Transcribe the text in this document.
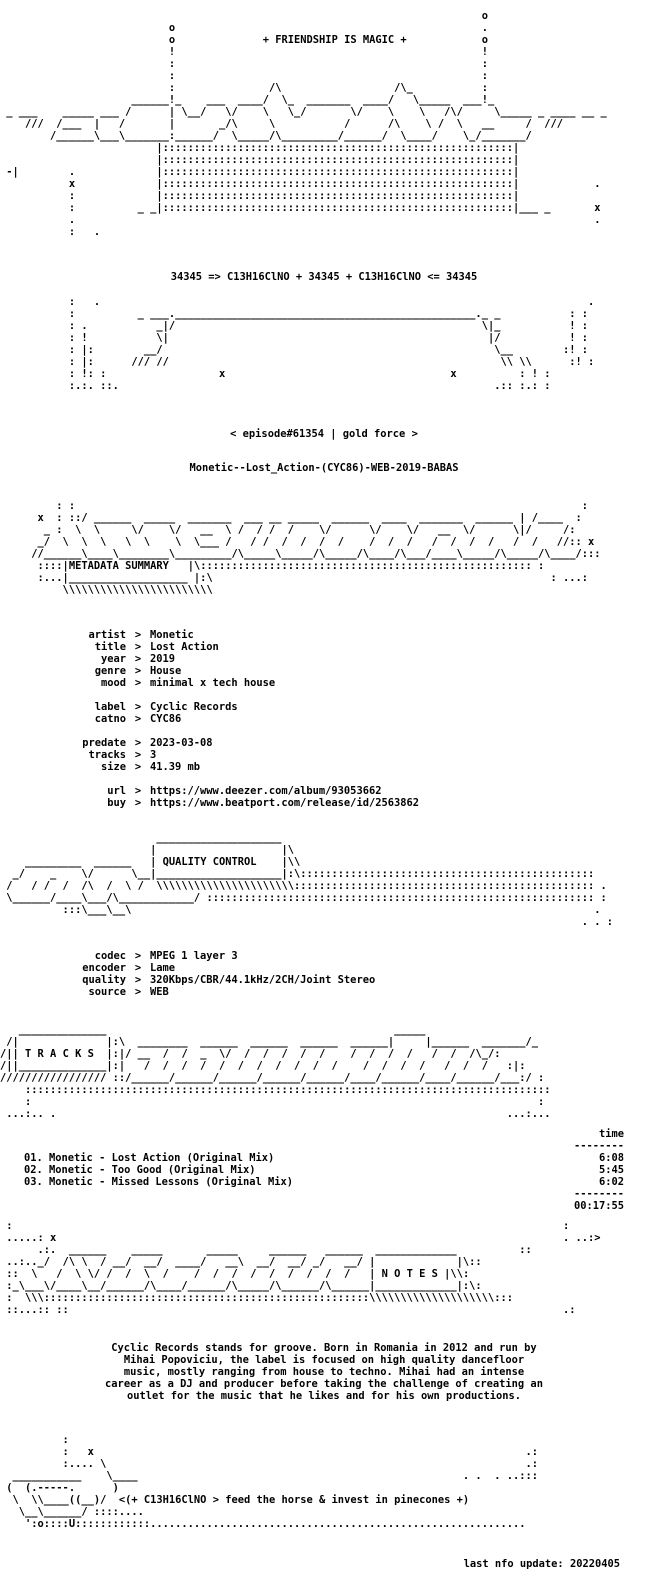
o
o                                                 .
o	+ FRIENDSHIP IS MAGIC +	o
!                                                 !
:                                                 :
:                                                 :
:               /\                  /\_           :
______!_    ___  ____/  \_  _______  ____/   \_____  ___!_
_ ___    _____ ___ /      | \__/   \/    \   \_/       \/    \    \   /\/     \_____ _ ____ __ _
///  /___  |   /       |       _/\     \           /      /\    \ /  \   __     /  ///
/______\___\_______:______/  \_____/\_________/______/  \____/    \_/_______/
|::::::::::::::::::::::::::::::::::::::::::::::::::::::::|
|::::::::::::::::::::::::::::::::::::::::::::::::::::::::|
-|        .             |::::::::::::::::::::::::::::::::::::::::::::::::::::::::|
x             |::::::::::::::::::::::::::::::::::::::::::::::::::::::::|            .
:             |::::::::::::::::::::::::::::::::::::::::::::::::::::::::|
:          _ _|::::::::::::::::::::::::::::::::::::::::::::::::::::::::|___ _       x
.                                                                                   .
:   .

34345 => C13H16ClNO + 34345 + C13H16ClNO <= 34345
:   .                                                                              .
:          _ ___.________________________________________________._ _           : :
: .           _|/                                                 \|_           ! :
: !           \|                                                   |/           ! :
: |:        __/                                                     \__        :! :
: |:      /// //                                                     \\ \\      :! :
: !: :                  x                                    x          : ! :
:.:. ::.                                                            .:: :.: :

< episode#61354 | gold force >
Monetic--Lost_Action-(CYC86)-WEB-2019-BABAS
: :                                                                                 :
x  : ::/ ______  _____  _______  ___ __ _____  ______  ____  _______  ______ | /____  :
_ :  \  \     \/    \/   __  \ /  / /  /    \/      \/    \/   __  \/      \|/     /:
_/  \  \  \   \  \    \  \___ /   / /  /  /  /  /    /  /  /   /  /  /  /   /  /   //:: x
//______\____\________\_________/\_____\_____/\_____/\____/\___/____\_____/\_____/\____/:::
::::|METADATA SUMMARY   |\::::::::::::::::::::::::::::::::::::::::::::::::::::: :
:...|___________________ |:\                                                      : ...:
\\\\\\\\\\\\\\\\\\\\\\\\

artist > Monetic
title > Lost Action
year > 2019
genre > House
mood > minimal x tech house
label > Cyclic Records
catno > CYC86
predate > 2023-03-08
tracks > 3
size > 41.39 mb
url > https://www.deezer.com/album/93053662
buy > https://www.beatport.com/release/id/2563862
____________________
|                    |\
_________  ______   | QUALITY CONTROL    |\\
_/    _    \/      \__|____________________|:\:::::::::::::::::::::::::::::::::::::::::::::::
/   / /  /  /\  /  \ /  \\\\\\\\\\\\\\\\\\\\\\:::::::::::::::::::::::::::::::::::::::::::::::: .
\______/____\___/\____________/ :::::::::::::::::::::::::::::::::::::::::::::::::::::::::::::: :
:::\___\__\                                                                          .
. . :

codec > MPEG 1 layer 3
encoder > Lame
quality > 320Kbps/CBR/44.1kHz/2CH/Joint Stereo
source > WEB
______________                                              _____
/|              |:\  ________  ______  ______  ______  ______|     |______  _______/_
/|| T R A C K S  |:|/ __  /  /  _  \/  /  /  /  /  /    /  /  /  /   /  /  /\_/:
/||______________|:|   /  /  /  /  /  /  /  /  /  /  /    /  /  /  /   /  /  /   :|:
///////////////// ::/______/______/______/______/______/____/______/____/______/___:/ :
::::::::::::::::::::::::::::::::::::::::::::::::::::::::::::::::::::::::::::::::::::
:                                                                                 :
...:.. .                                                                        ...:...

time
--------
01. Monetic - Lost Action (Original Mix)	6:08
02. Monetic - Too Good (Original Mix)	5:45
03. Monetic - Missed Lessons (Original Mix)	6:02
--------
00:17:55
:                                                                                        :
.....: x                                                                                 . ..:>
.:.  ______    _____       _____     ______   ______  _____________          ::
..:.._/  /\ \  / __/  __/  ____/   __\  __/  __/ _/   __/ |             |\::
::  \   /  \ \/ /  /  \  /    /  /  /  /  /  /  /  /  /   | N O T E S |\\:
:_\___\/____\__/______/\____/______/\_____/\______/\______|_____________|:\:
:  \\\::::::::::::::::::::::::::::::::::::::::::::::::::::\\\\\\\\\\\\\\\\\\\\:::
::...:: ::                                                                               .:

Cyclic Records stands for groove. Born in Romania in 2012 and run by
Mihai Popoviciu, the label is focused on high quality dancefloor
music, mostly ranging from house to techno. Mihai had an intense
career as a DJ and producer before taking the challenge of creating an
outlet for the music that he likes and for his own productions.
:
:   x                                                                     .:
:.... \                                                                   .:
___________    \____                                                    . .  . ..:::
(  (.-----.      )
\  \\____((__)/  <(+ C13H16ClNO > feed the horse & invest in pinecones +)
\__\______/ ::::....
':o::::U::::::::::::............................................................

last nfo update: 20220405
